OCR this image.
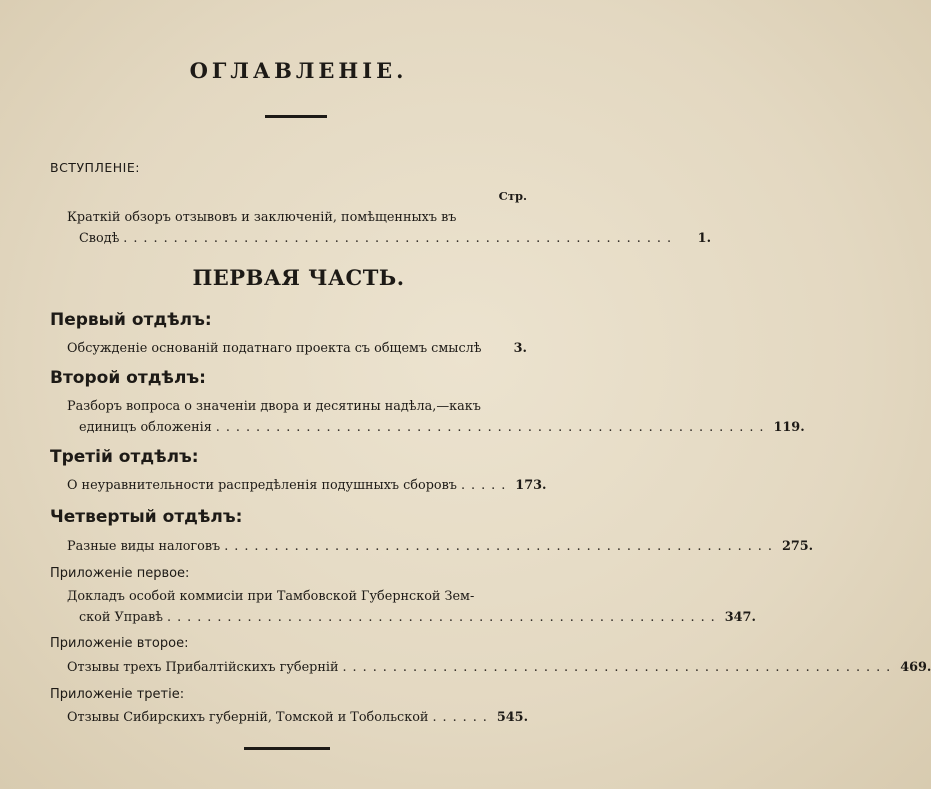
ОГЛАВЛЕНІЕ.
ВСТУПЛЕНІЕ:
Стр.
Краткій обзоръ отзывовъ и заключеній, помѣщенныхъ въ
Сводѣ .......................................................	1.
ПЕРВАЯ ЧАСТЬ.
Первый отдѣлъ:
Обсужденіе основаній податнаго проекта съ общемъ смыслѣ	3.
Второй отдѣлъ:
Разборъ вопроса о значеніи двора и десятины надѣла,—какъ
единицъ обложенія ....................................................... 119.
Третій отдѣлъ:
О неуравнительности распредѣленія подушныхъ сборовъ ..... 173.
Четвертый отдѣлъ:
Разные виды налоговъ ....................................................... 275.
Приложеніе первое:
Докладъ особой коммисіи при Тамбовской Губернской Зем-
ской Управѣ ....................................................... 347.
Приложеніе второе:
Отзывы трехъ Прибалтійскихъ губерній ....................................................... 469.
Приложеніе третіе:
Отзывы Сибирскихъ губерній, Томской и Тобольской ...... 545.
